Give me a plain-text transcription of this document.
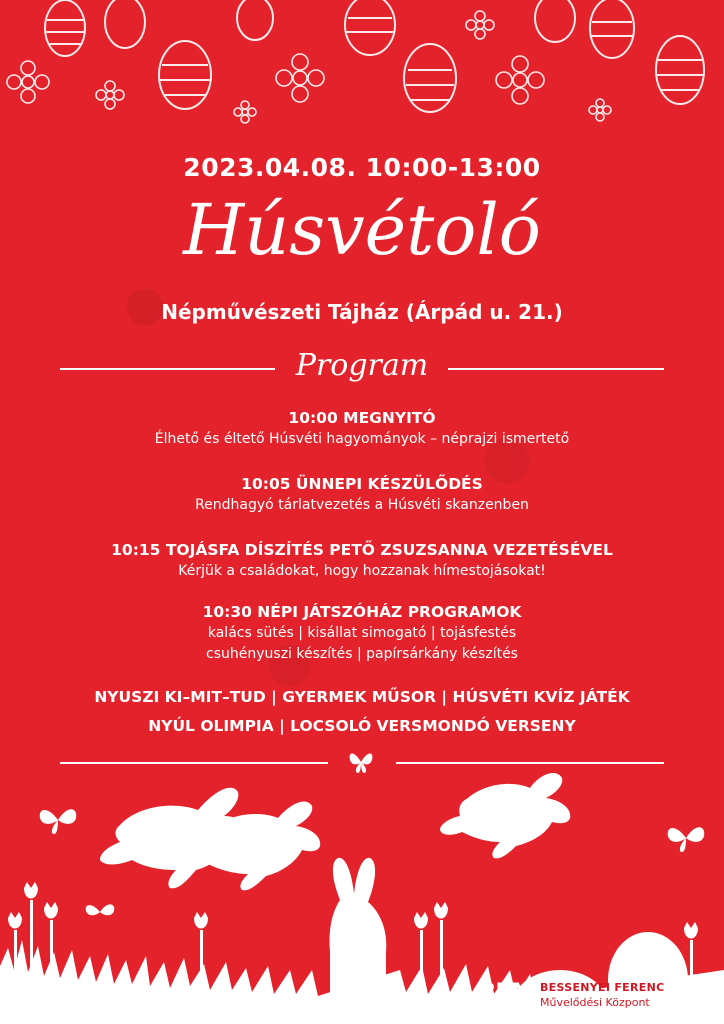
2023.04.08. 10:00-13:00
Húsvétoló
Népművészeti Tájház (Árpád u. 21.)
Program
10:00 MEGNYITÓ
Élhető és éltető Húsvéti hagyományok – néprajzi ismertető
10:05 ÜNNEPI KÉSZÜLŐDÉS
Rendhagyó tárlatvezetés a Húsvéti skanzenben
10:15 TOJÁSFA DÍSZÍTÉS PETŐ ZSUZSANNA VEZETÉSÉVEL
Kérjük a családokat, hogy hozzanak hímestojásokat!
10:30 NÉPI JÁTSZÓHÁZ PROGRAMOK
kalács sütés | kisállat simogató | tojásfestés
csuhényuszi készítés | papírsárkány készítés
NYUSZI KI–MIT–TUD | GYERMEK MŰSOR | HÚSVÉTI KVÍZ JÁTÉK
NYÚL OLIMPIA | LOCSOLÓ VERSMONDÓ VERSENY
BFMK
BESSENYEI FERENC
Művelődési Központ
